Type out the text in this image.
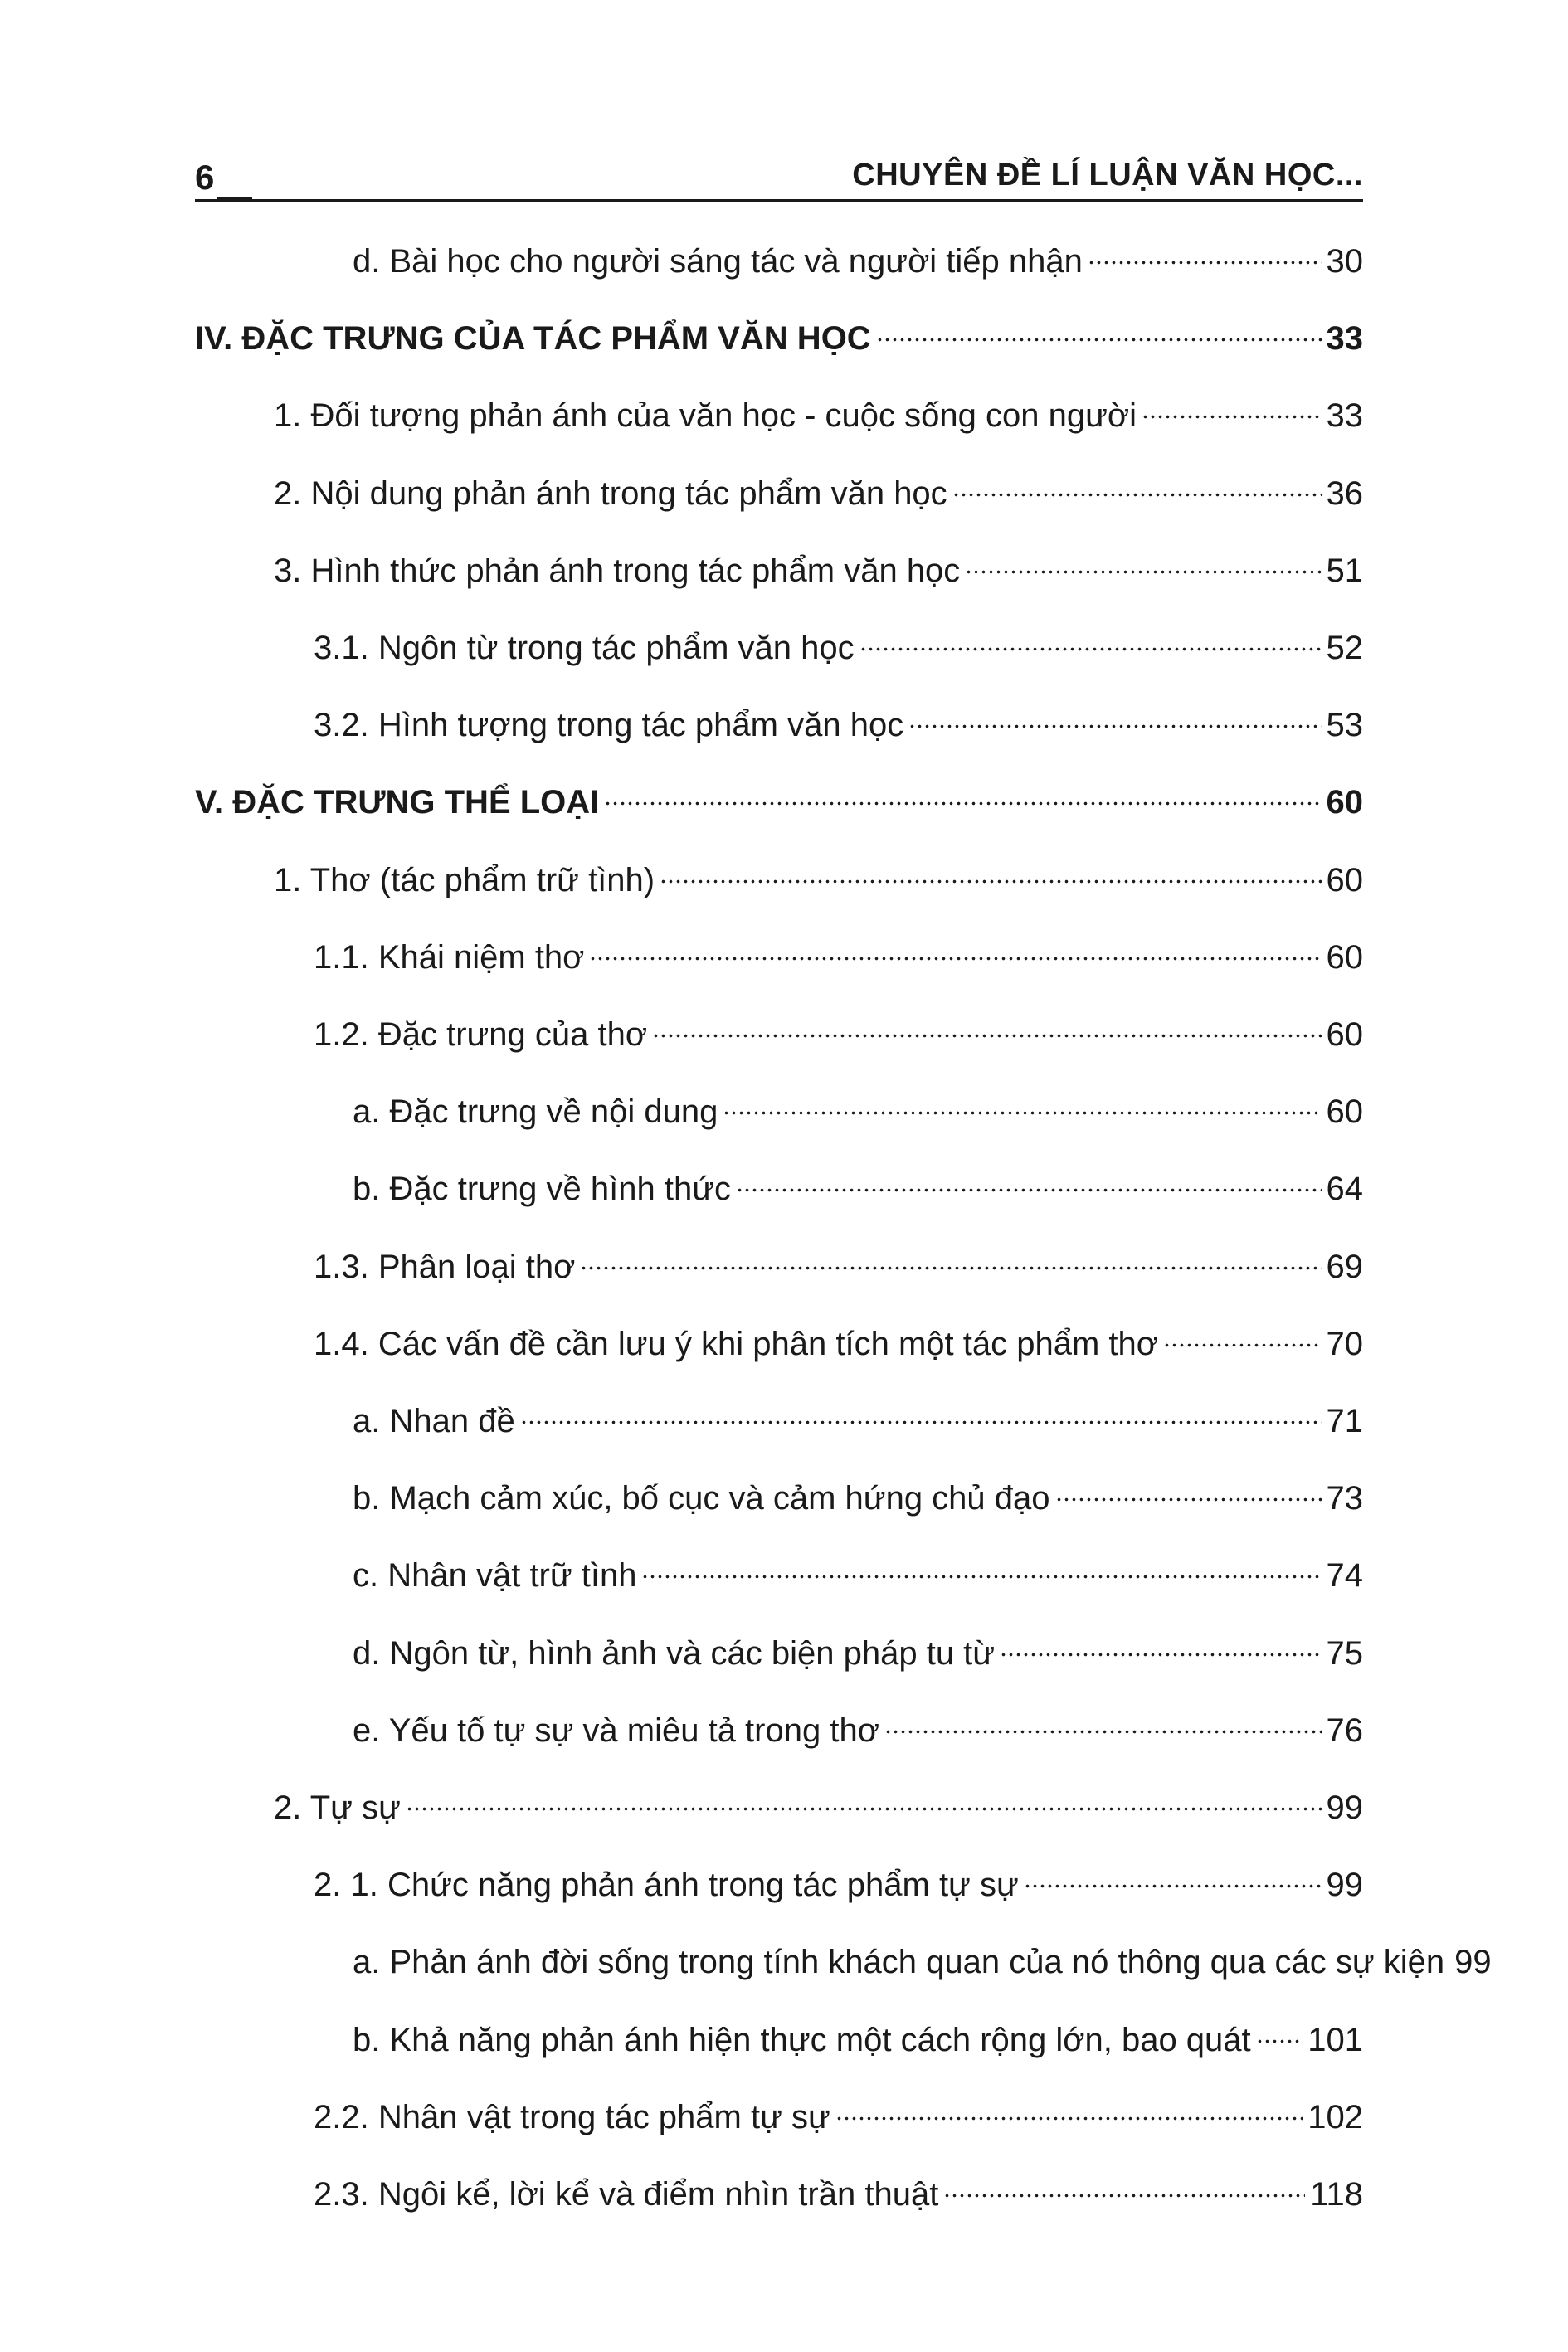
6	CHUYÊN ĐỀ LÍ LUẬN VĂN HỌC...
d. Bài học cho người sáng tác và người tiếp nhận	30
IV. ĐẶC TRƯNG CỦA TÁC PHẨM VĂN HỌC	33
1. Đối tượng phản ánh của văn học - cuộc sống con người	33
2. Nội dung phản ánh trong tác phẩm văn học	36
3. Hình thức phản ánh trong tác phẩm văn học	51
3.1. Ngôn từ trong tác phẩm văn học	52
3.2. Hình tượng trong tác phẩm văn học	53
V. ĐẶC TRƯNG THỂ LOẠI	60
1. Thơ (tác phẩm trữ tình)	60
1.1. Khái niệm thơ	60
1.2. Đặc trưng của thơ	60
a. Đặc trưng về nội dung	60
b. Đặc trưng về hình thức	64
1.3. Phân loại thơ	69
1.4. Các vấn đề cần lưu ý khi phân tích một tác phẩm thơ	70
a. Nhan đề	71
b. Mạch cảm xúc, bố cục và cảm hứng chủ đạo	73
c. Nhân vật trữ tình	74
d. Ngôn từ, hình ảnh và các biện pháp tu từ	75
e. Yếu tố tự sự và miêu tả trong thơ	76
2. Tự sự	99
2. 1. Chức năng phản ánh trong tác phẩm tự sự	99
a. Phản ánh đời sống trong tính khách quan của nó thông qua các sự kiện 99
b. Khả năng phản ánh hiện thực một cách rộng lớn, bao quát 101
2.2. Nhân vật trong tác phẩm tự sự	102
2.3. Ngôi kể, lời kể và điểm nhìn trần thuật	118
